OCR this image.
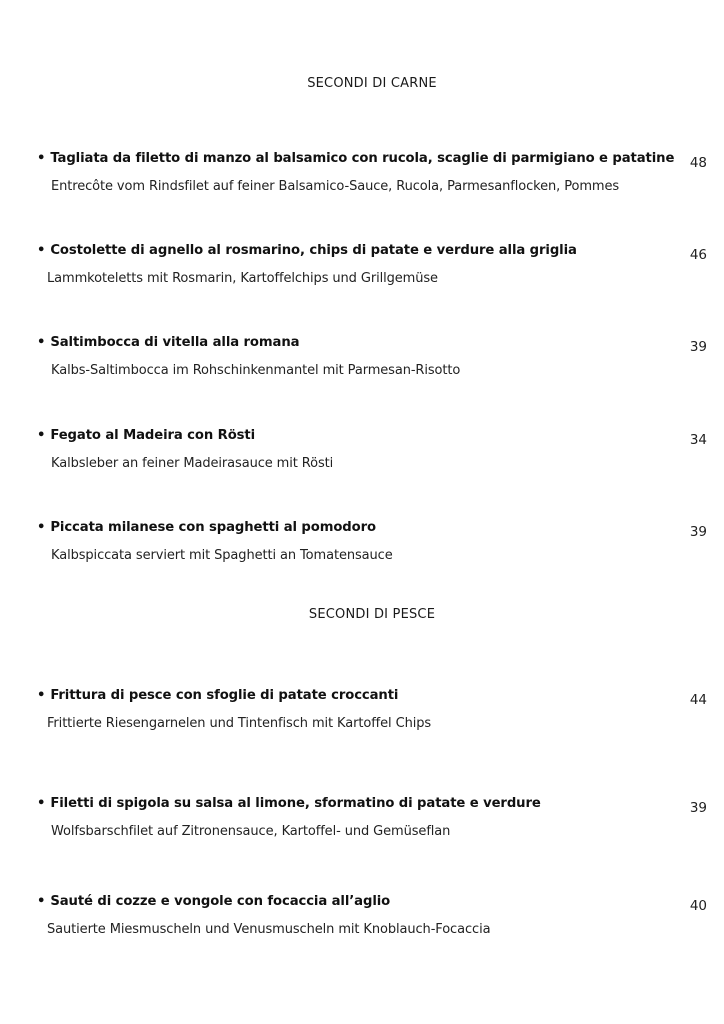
SECONDI DI CARNE
• Tagliata da filetto di manzo al balsamico con rucola, scaglie di parmigiano e patatine
Entrecôte vom Rindsfilet auf feiner Balsamico-Sauce, Rucola, Parmesanflocken, Pommes
48
• Costolette di agnello al rosmarino, chips di patate e verdure alla griglia
Lammkoteletts mit Rosmarin, Kartoffelchips und Grillgemüse
46
• Saltimbocca di vitella alla romana
Kalbs-Saltimbocca im Rohschinkenmantel mit Parmesan-Risotto
39
• Fegato al Madeira con Rösti
Kalbsleber an feiner Madeirasauce mit Rösti
34
• Piccata milanese con spaghetti al pomodoro
Kalbspiccata serviert mit Spaghetti an Tomatensauce
39
SECONDI DI PESCE
• Frittura di pesce con sfoglie di patate croccanti
Frittierte Riesengarnelen und Tintenfisch mit Kartoffel Chips
44
• Filetti di spigola su salsa al limone, sformatino di patate e verdure
Wolfsbarschfilet auf Zitronensauce, Kartoffel- und Gemüseflan
39
• Sauté di cozze e vongole con focaccia all’aglio
Sautierte Miesmuscheln und Venusmuscheln mit Knoblauch-Focaccia
40
